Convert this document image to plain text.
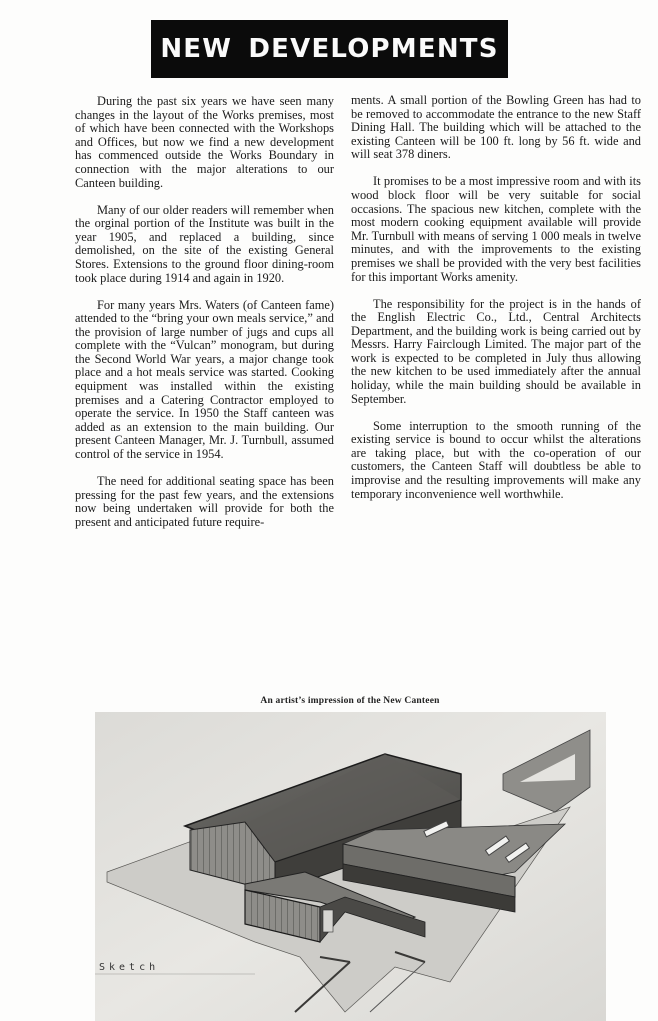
NEW DEVELOPMENTS

During the past six years we have seen many changes in the layout of the Works premises, most of which have been connected with the Workshops and Offices, but now we find a new development has commenced outside the Works Boundary in connection with the major alterations to our Canteen building.

Many of our older readers will remember when the orginal portion of the Institute was built in the year 1905, and replaced a building, since demolished, on the site of the existing General Stores. Extensions to the ground floor dining-room took place during 1914 and again in 1920.

For many years Mrs. Waters (of Canteen fame) attended to the “bring your own meals service,” and the provision of large number of jugs and cups all complete with the “Vulcan” monogram, but during the Second World War years, a major change took place and a hot meals service was started. Cooking equipment was installed within the existing premises and a Catering Contractor employed to operate the service. In 1950 the Staff canteen was added as an extension to the main building. Our present Canteen Manager, Mr. J. Turnbull, assumed control of the service in 1954.

The need for additional seating space has been pressing for the past few years, and the extensions now being undertaken will provide for both the present and anticipated future require-

ments. A small portion of the Bowling Green has had to be removed to accommodate the entrance to the new Staff Dining Hall. The building which will be attached to the existing Canteen will be 100 ft. long by 56 ft. wide and will seat 378 diners.

It promises to be a most impressive room and with its wood block floor will be very suitable for social occasions. The spacious new kitchen, complete with the most modern cooking equipment available will provide Mr. Turnbull with means of serving 1 000 meals in twelve minutes, and with the improvements to the existing premises we shall be provided with the very best facilities for this important Works amenity.

The responsibility for the project is in the hands of the English Electric Co., Ltd., Central Architects Department, and the building work is being carried out by Messrs. Harry Fairclough Limited. The major part of the work is expected to be completed in July thus allowing the new kitchen to be used immediately after the annual holiday, while the main building should be available in September.

Some interruption to the smooth running of the existing service is bound to occur whilst the alterations are taking place, but with the co-operation of our customers, the Canteen Staff will doubtless be able to improvise and the resulting improvements will make any temporary inconvenience well worthwhile.

An artist’s impression of the New Canteen
Sketch
